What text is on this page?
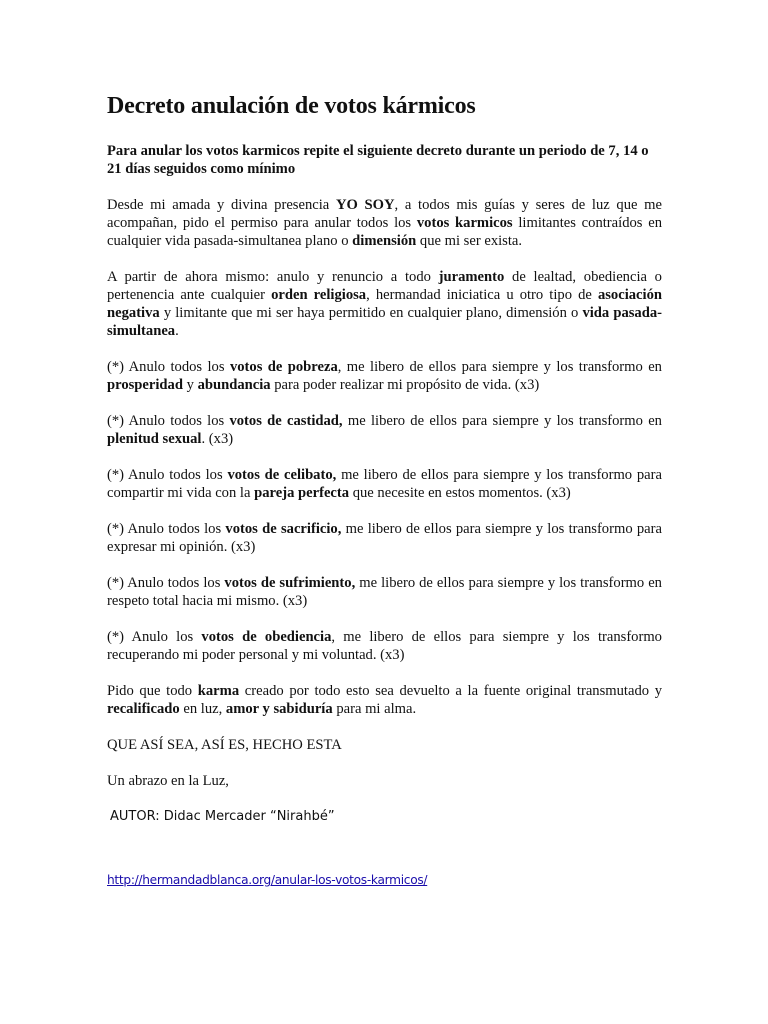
Decreto anulación de votos kármicos

Para anular los votos karmicos repite el siguiente decreto durante un periodo de 7, 14 o 21 días seguidos como mínimo

Desde mi amada y divina presencia YO SOY, a todos mis guías y seres de luz que me acompañan, pido el permiso para anular todos los votos karmicos limitantes contraídos en cualquier vida pasada-simultanea plano o dimensión que mi ser exista.

A partir de ahora mismo: anulo y renuncio a todo juramento de lealtad, obediencia o pertenencia ante cualquier orden religiosa, hermandad iniciatica u otro tipo de asociación negativa y limitante que mi ser haya permitido en cualquier plano, dimensión o vida pasada-simultanea.

(*) Anulo todos los votos de pobreza, me libero de ellos para siempre y los transformo en prosperidad y abundancia para poder realizar mi propósito de vida. (x3)

(*) Anulo todos los votos de castidad, me libero de ellos para siempre y los transformo en plenitud sexual. (x3)

(*) Anulo todos los votos de celibato, me libero de ellos para siempre y los transformo para compartir mi vida con la pareja perfecta que necesite en estos momentos. (x3)

(*) Anulo todos los votos de sacrificio, me libero de ellos para siempre y los transformo para expresar mi opinión. (x3)

(*) Anulo todos los votos de sufrimiento, me libero de ellos para siempre y los transformo en respeto total hacia mi mismo. (x3)

(*) Anulo los votos de obediencia, me libero de ellos para siempre y los transformo recuperando mi poder personal y mi voluntad. (x3)

Pido que todo karma creado por todo esto sea devuelto a la fuente original transmutado y recalificado en luz, amor y sabiduría para mi alma.

QUE ASÍ SEA, ASÍ ES, HECHO ESTA

Un abrazo en la Luz,

AUTOR: Didac Mercader “Nirahbé”

http://hermandadblanca.org/anular-los-votos-karmicos/
